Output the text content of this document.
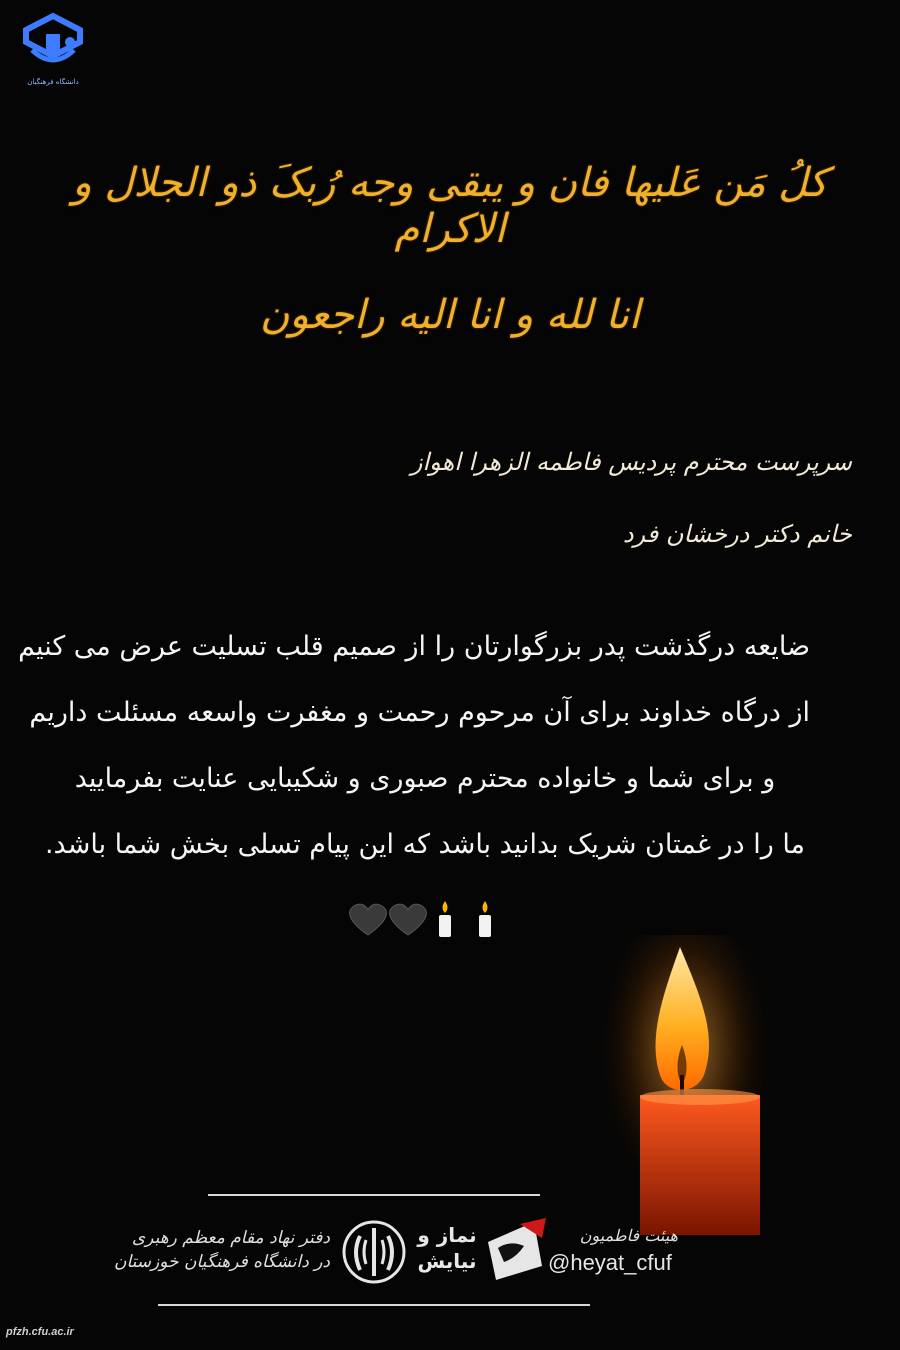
دانشگاه فرهنگیان
کلُ مَن عَلیها فان و یبقی وجه رُبکَ ذو الجلال و الاکرام
انا لله و انا الیه راجعون
سرپرست محترم پردیس فاطمه الزهرا اهواز
خانم دکتر درخشان فرد
ضایعه درگذشت پدر بزرگوارتان را از صمیم قلب تسلیت عرض می کنیم
از درگاه خداوند برای آن مرحوم رحمت و مغفرت واسعه مسئلت داریم
و برای شما و خانواده محترم صبوری و شکیبایی عنایت بفرمایید
ما را در غمتان شریک بدانید باشد که این پیام تسلی بخش شما باشد.
دفتر نهاد مقام معظم رهبری
در دانشگاه فرهنگیان خوزستان
نماز و
نیایش
هیئت فاطمیون
@heyat_cfuf
pfzh.cfu.ac.ir
